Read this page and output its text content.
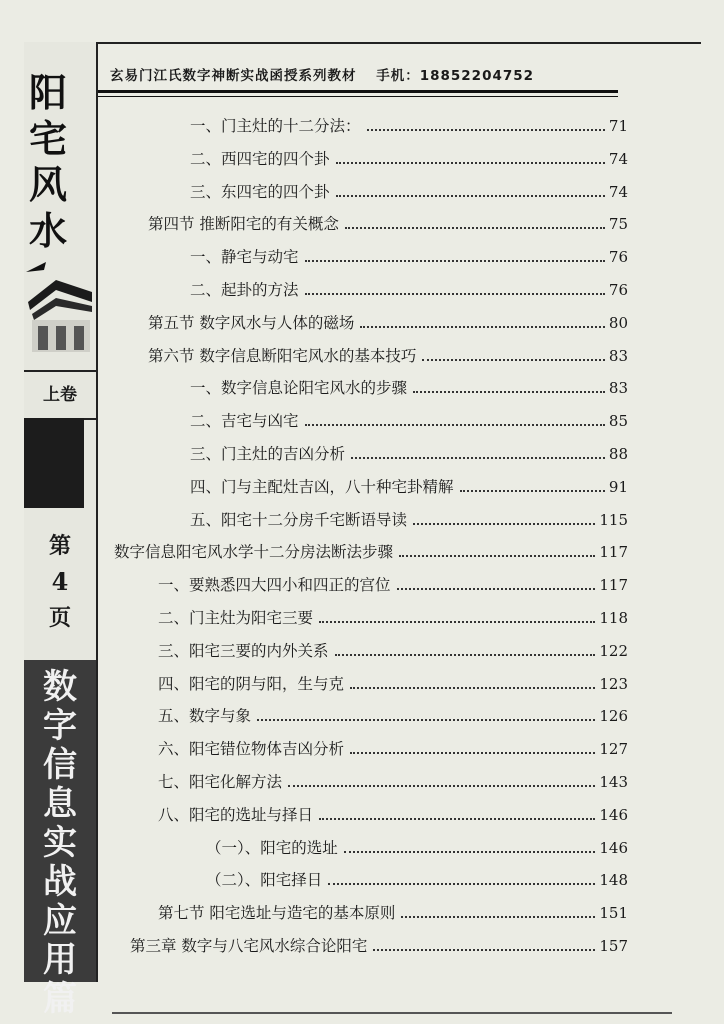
阳宅风水
上卷
第
4
页
数字信息实战应用篇
玄易门江氏数字神断实战函授系列教材 手机：18852204752
一、门主灶的十二分法：	71
二、西四宅的四个卦	74
三、东四宅的四个卦	74
第四节 推断阳宅的有关概念	75
一、静宅与动宅	76
二、起卦的方法	76
第五节 数字风水与人体的磁场	80
第六节 数字信息断阳宅风水的基本技巧	83
一、数字信息论阳宅风水的步骤	83
二、吉宅与凶宅	85
三、门主灶的吉凶分析	88
四、门与主配灶吉凶，八十种宅卦精解	91
五、阳宅十二分房千宅断语导读	115
数字信息阳宅风水学十二分房法断法步骤	117
一、要熟悉四大四小和四正的宫位	117
二、门主灶为阳宅三要	118
三、阳宅三要的内外关系	122
四、阳宅的阴与阳，生与克	123
五、数字与象	126
六、阳宅错位物体吉凶分析	127
七、阳宅化解方法	143
八、阳宅的选址与择日	146
（一）、阳宅的选址	146
（二）、阳宅择日	148
第七节 阳宅选址与造宅的基本原则	151
第三章 数字与八宅风水综合论阳宅	157
